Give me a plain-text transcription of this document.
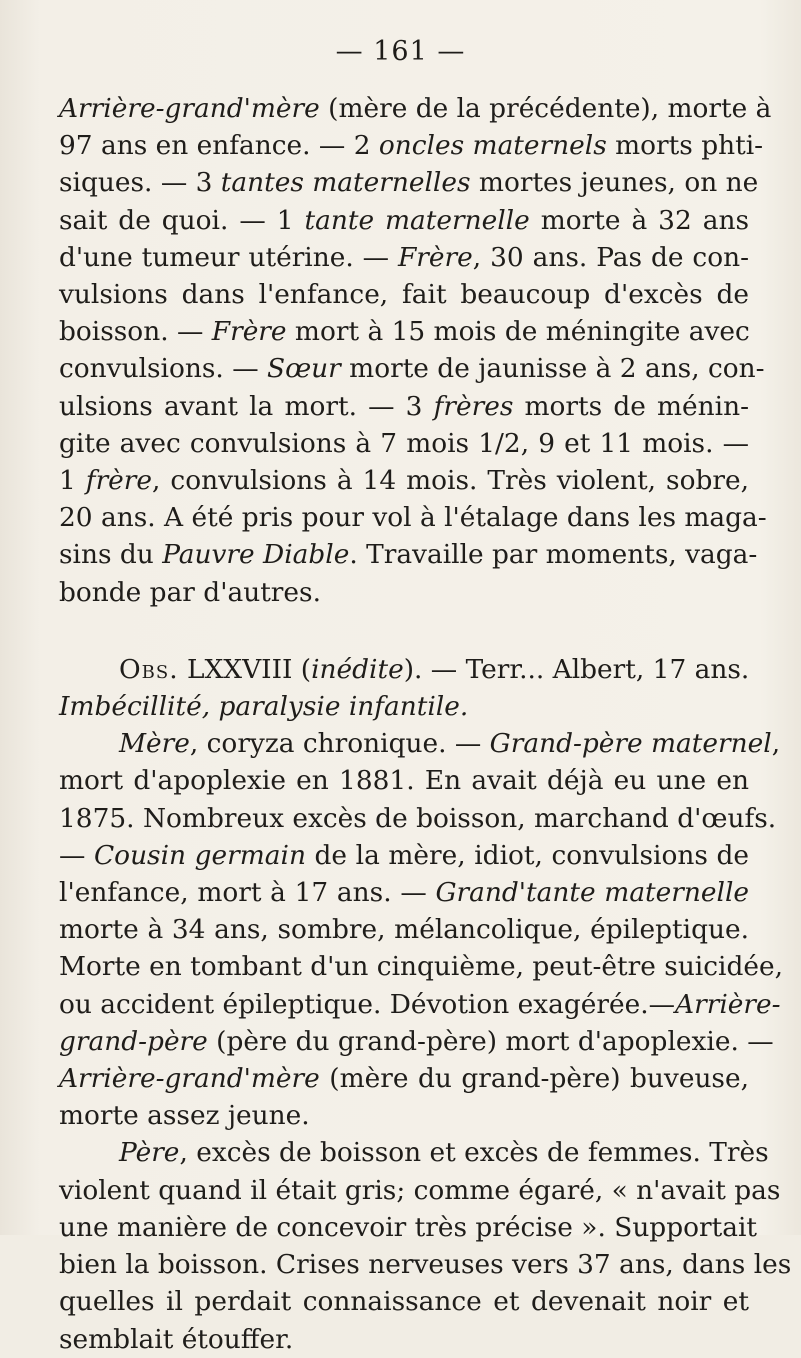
— 161 —

Arrière-grand'mère (mère de la précédente), morte à
97 ans en enfance. — 2 oncles maternels morts phti-
siques. — 3 tantes maternelles mortes jeunes, on ne
sait de quoi. — 1 tante maternelle morte à 32 ans
d'une tumeur utérine. — Frère, 30 ans. Pas de con-
vulsions dans l'enfance, fait beaucoup d'excès de
boisson. — Frère mort à 15 mois de méningite avec
convulsions. — Sœur morte de jaunisse à 2 ans, con-
ulsions avant la mort. — 3 frères morts de ménin-
gite avec convulsions à 7 mois 1/2, 9 et 11 mois. —
1 frère, convulsions à 14 mois. Très violent, sobre,
20 ans. A été pris pour vol à l'étalage dans les maga-
sins du Pauvre Diable. Travaille par moments, vaga-
bonde par d'autres.

Obs. LXXVIII (inédite). — Terr... Albert, 17 ans.
Imbécillité, paralysie infantile.

Mère, coryza chronique. — Grand-père maternel,
mort d'apoplexie en 1881. En avait déjà eu une en
1875. Nombreux excès de boisson, marchand d'œufs.
— Cousin germain de la mère, idiot, convulsions de
l'enfance, mort à 17 ans. — Grand'tante maternelle
morte à 34 ans, sombre, mélancolique, épileptique.
Morte en tombant d'un cinquième, peut-être suicidée,
ou accident épileptique. Dévotion exagérée.—Arrière-
grand-père (père du grand-père) mort d'apoplexie. —
Arrière-grand'mère (mère du grand-père) buveuse,
morte assez jeune.

Père, excès de boisson et excès de femmes. Très
violent quand il était gris; comme égaré, « n'avait pas
une manière de concevoir très précise ». Supportait
bien la boisson. Crises nerveuses vers 37 ans, dans les
quelles il perdait connaissance et devenait noir et
semblait étouffer.
